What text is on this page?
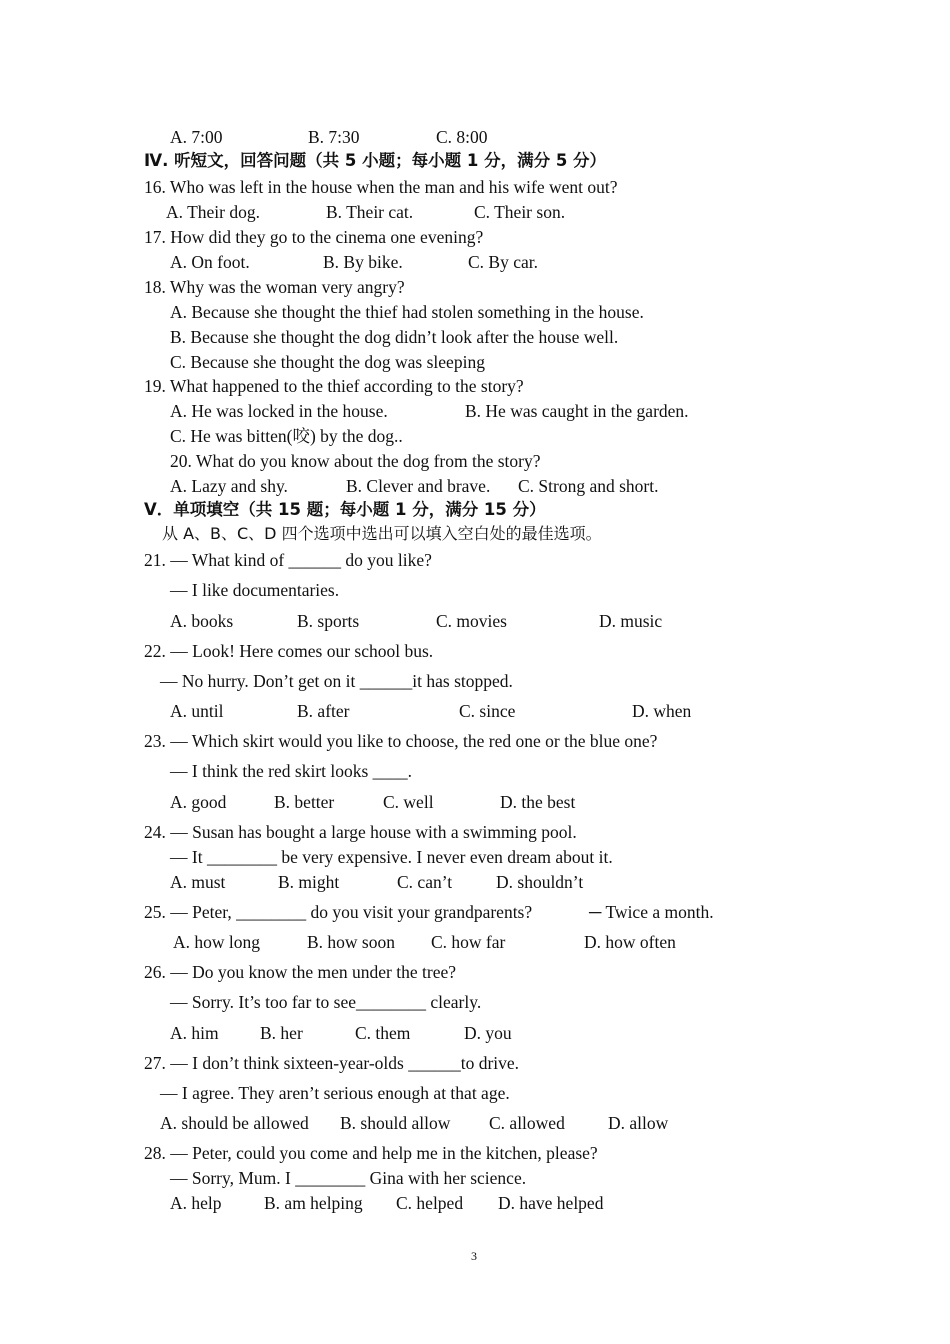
A. 7:00	B. 7:30	C. 8:00
Ⅳ. 听短文，回答问题（共 5 小题；每小题 1 分，满分 5 分）
16. Who was left in the house when the man and his wife went out?
A. Their dog.	B. Their cat.	C. Their son.
17. How did they go to the cinema one evening?
A. On foot.	B. By bike.	C. By car.
18. Why was the woman very angry?
A. Because she thought the thief had stolen something in the house.
B. Because she thought the dog didn’t look after the house well.
C. Because she thought the dog was sleeping
19. What happened to the thief according to the story?
A. He was locked in the house.	B. He was caught in the garden.
C. He was bitten(咬) by the dog..
20. What do you know about the dog from the story?
A. Lazy and shy.	B. Clever and brave. C. Strong and short.
V．单项填空（共 15 题；每小题 1 分，满分 15 分）
从 A、B、C、D 四个选项中选出可以填入空白处的最佳选项。
21. — What kind of ______ do you like?
— I like documentaries.
A. books	B. sports	C. movies	D. music
22. — Look! Here comes our school bus.
— No hurry. Don’t get on it ______it has stopped.
A. until	B. after	C. since	D. when
23. — Which skirt would you like to choose, the red one or the blue one?
— I think the red skirt looks ____.
A. good	B. better	C. well	D. the best
24. — Susan has bought a large house with a swimming pool.
— It ________ be very expensive. I never even dream about it.
A. must	B. might	C. can’t	D. shouldn’t
25. — Peter, ________ do you visit your grandparents?	─ Twice a month.
A. how long	B. how soon C. how far	D. how often
26. — Do you know the men under the tree?
— Sorry. It’s too far to see________ clearly.
A. him B. her	C. them	D. you
27. — I don’t think sixteen-year-olds ______to drive.
— I agree. They aren’t serious enough at that age.
A. should be allowed B. should allow C. allowed D. allow
28. — Peter, could you come and help me in the kitchen, please?
— Sorry, Mum. I ________ Gina with her science.
A. help B. am helping C. helped D. have helped
3
